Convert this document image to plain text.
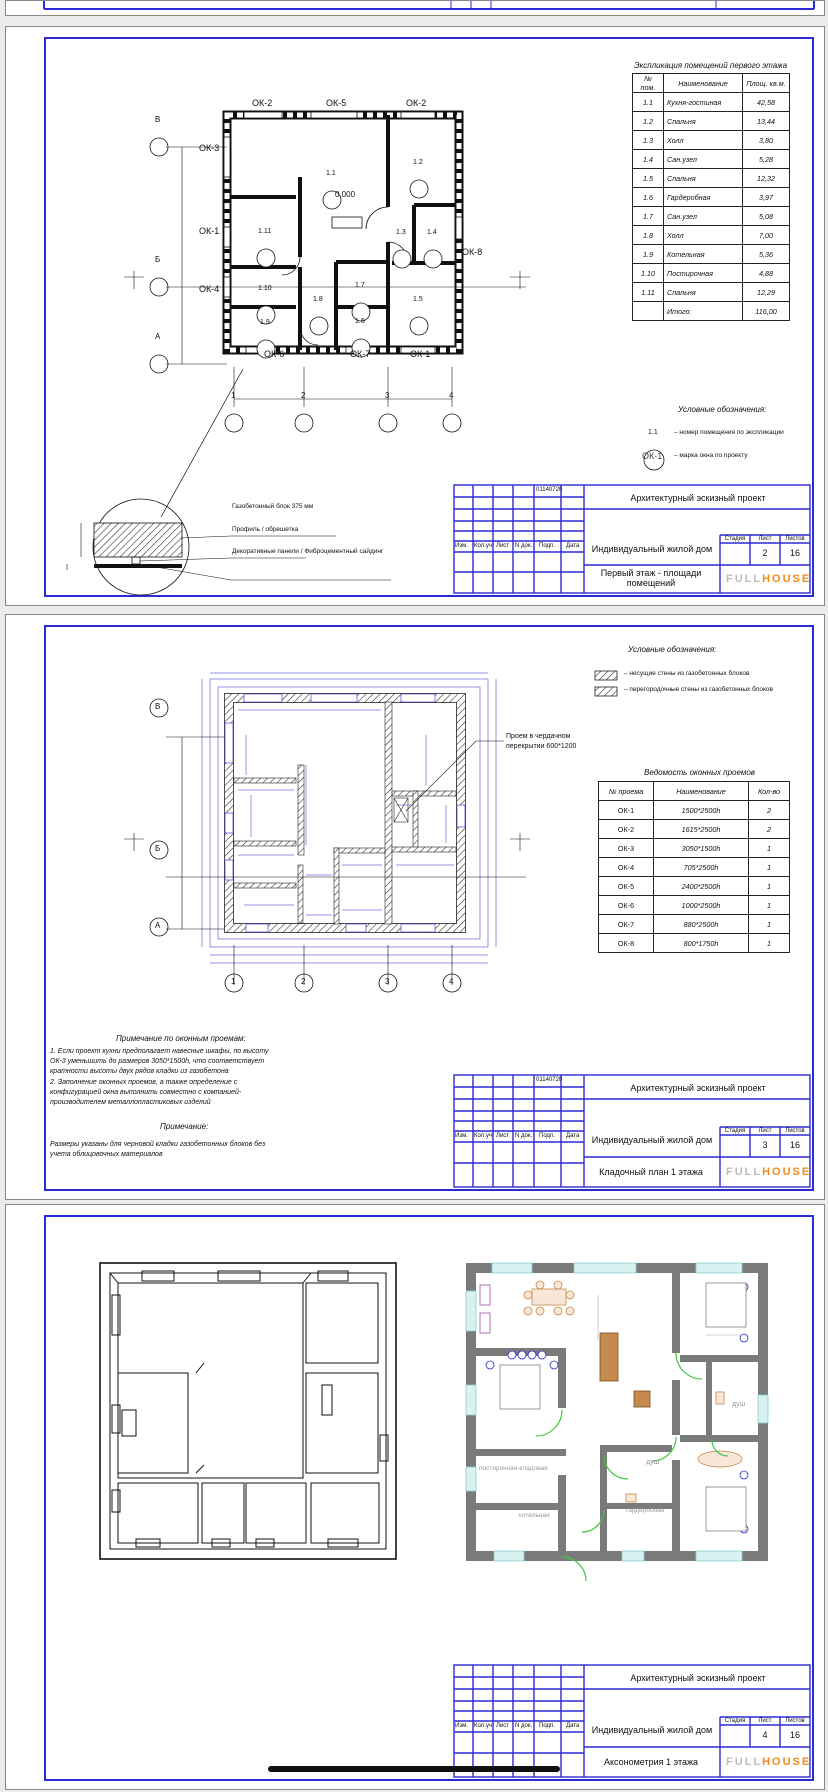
ОК-2	ОК-5	ОК-2
ОК-3
ОК-1
ОК-4
ОК-8
ОК-6	ОК-7	ОК-1
0.000
1.1
1.2
1.3	1.4
1.5
1.6
1.7
1.8
1.9
1.10
1.11
В
Б
А
1	2	3	4
Экспликация помещений первого этажа
№ пом.	Наименование	Площ. кв.м.
1.1	Кухня-гостиная	42,58
1.2	Спальня	13,44
1.3	Холл	3,80
1.4	Сан.узел	5,28
1.5	Спальня	12,32
1.6	Гардеробная	3,97
1.7	Сан.узел	5,08
1.8	Холл	7,00
1.9	Котельная	5,36
1.10	Постирочная	4,88
1.11	Спальня	12,29
	Итого:	116,00
Условные обозначения:
1.1	– номер помещения по экспликации
ОК-1 – марка окна по проекту
Газобетонный блок 375 мм
Профиль / обрешетка
Декоративные панели / Фиброцементный сайдинг
01140720
Архитектурный эскизный проект
Изм. Кол.уч Лист N док. Подп. Дата	Индивидуальный жилой дом
Стадия	Лист	Листов
2	16
Первый этаж - площади помещений	FULLHOUSE
В
Б
А
1	2	3	4
Проем в чердачном перекрытии 600*1200
Условные обозначения:
– несущие стены из газобетонных блоков
– перегородочные стены из газобетонных блоков
Ведомость оконных проемов
№ проема	Наименование	Кол-во
ОК-1	1500*2500h	2
ОК-2	1615*2500h	2
ОК-3	3050*1500h	1
ОК-4	705*2500h	1
ОК-5	2400*2500h	1
ОК-6	1000*2500h	1
ОК-7	880*2500h	1
ОК-8	800*1750h	1
Примечание по оконным проемам:
1. Если проект кухни предполагает навесные шкафы, по высоту ОК-3 уменьшить до размеров 3050*1500h, что соответствует кратности высоты двух рядов кладки из газобетона
2. Заполнение оконных проемов, а также определение с конфигурацией окна выполнить совместно с компанией-производителем металлопластиковых изделий
Примечание:
Размеры указаны для черновой кладки газобетонных блоков без учета облицовочных материалов
01140720
Архитектурный эскизный проект
Изм. Кол.уч Лист N док. Подп. Дата	Индивидуальный жилой дом
Стадия	Лист	Листов
3	16
Кладочный план 1 этажа	FULLHOUSE
постирочная-кладовая
котельная
душ
душ
гардеробная
Архитектурный эскизный проект
Изм. Кол.уч Лист N док. Подп. Дата	Индивидуальный жилой дом
Стадия	Лист	Листов
4	16
Аксонометрия 1 этажа	FULLHOUSE
